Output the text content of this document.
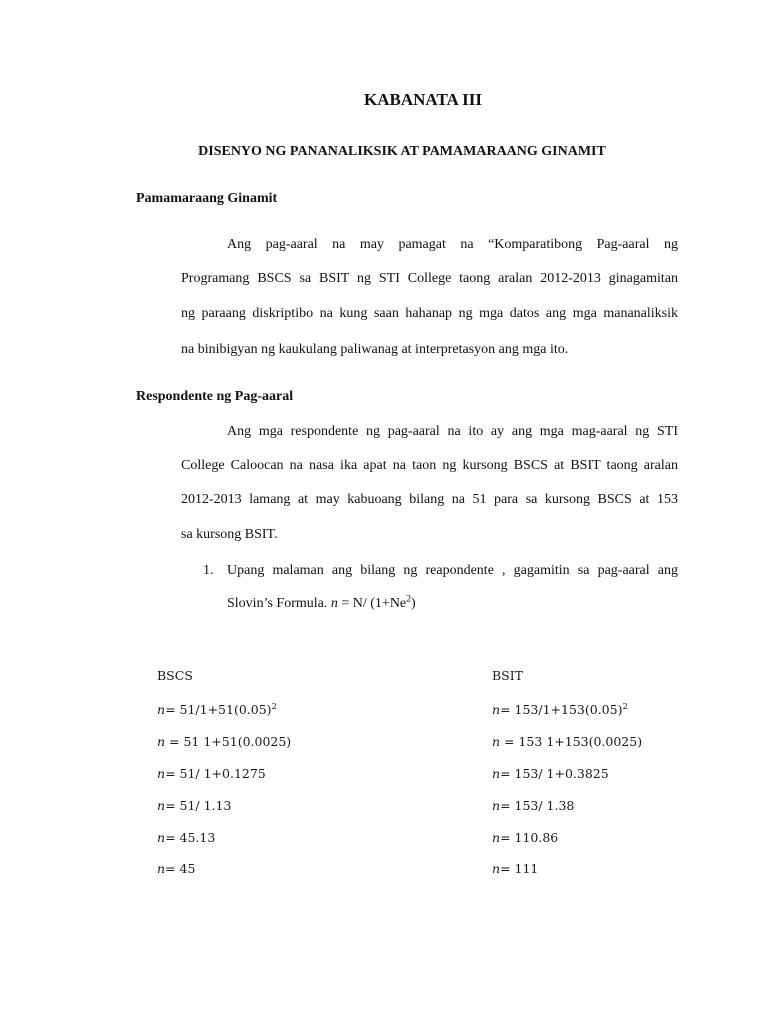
KABANATA III
DISENYO NG PANANALIKSIK AT PAMAMARAANG GINAMIT
Pamamaraang Ginamit
Ang pag-aaral na may pamagat na “Komparatibong Pag-aaral ng
Programang BSCS sa BSIT ng STI College taong aralan 2012-2013 ginagamitan
ng paraang diskriptibo na kung saan hahanap ng mga datos ang mga mananaliksik
na binibigyan ng kaukulang paliwanag at interpretasyon ang mga ito.
Respondente ng Pag-aaral
Ang mga respondente ng pag-aaral na ito ay ang mga mag-aaral ng STI
College Caloocan na nasa ika apat na taon ng kursong BSCS at BSIT taong aralan
2012-2013 lamang at may kabuoang bilang na 51 para sa kursong BSCS at 153
sa kursong BSIT.
1. Upang malaman ang bilang ng reapondente , gagamitin sa pag-aaral ang
Slovin’s Formula. n = N/ $(1+Ne^2)$
BSCS
$n= 51/1+51(0.05)^2$
n = 51 1+51(0.0025)
n= 51/ 1+0.1275
n= 51/ 1.13
n= 45.13
n= 45
BSIT
$n= 153/1+153(0.05)^2$
n = 153 1+153(0.0025)
n= 153/ 1+0.3825
n= 153/ 1.38
n= 110.86
n= 111
